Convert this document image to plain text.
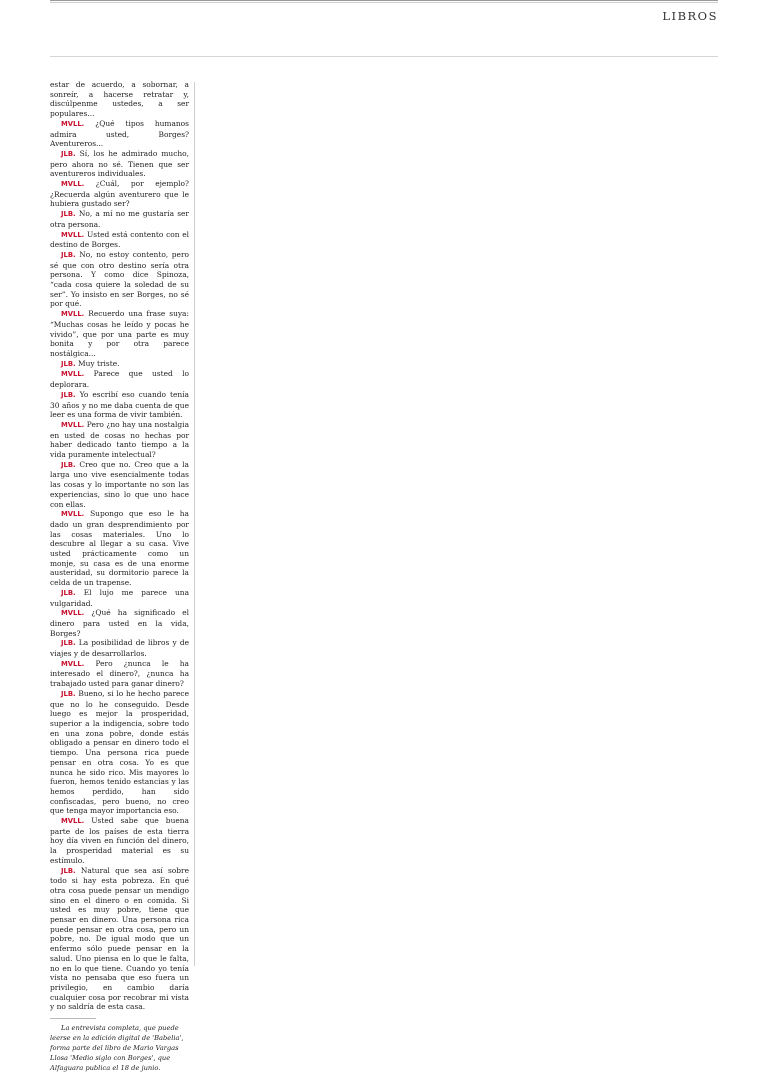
LIBROS

estar de acuerdo, a sobornar, a sonreír, a hacerse retratar y, discúlpenme ustedes, a ser populares...

MVLL. ¿Qué tipos humanos admira usted, Borges? Aventureros...

JLB. Sí, los he admirado mucho, pero ahora no sé. Tienen que ser aventureros individuales.

MVLL. ¿Cuál, por ejemplo? ¿Recuerda algún aventurero que le hubiera gustado ser?

JLB. No, a mí no me gustaría ser otra persona.

MVLL. Usted está contento con el destino de Borges.

JLB. No, no estoy contento, pero sé que con otro destino sería otra persona. Y como dice Spinoza, “cada cosa quiere la soledad de su ser”. Yo insisto en ser Borges, no sé por qué.

MVLL. Recuerdo una frase suya: “Muchas cosas he leído y pocas he vivido”, que por una parte es muy bonita y por otra parece nostálgica...

JLB. Muy triste.

MVLL. Parece que usted lo deplorara.

JLB. Yo escribí eso cuando tenía 30 años y no me daba cuenta de que leer es una forma de vivir también.

MVLL. Pero ¿no hay una nostalgia en usted de cosas no hechas por haber dedicado tanto tiempo a la vida puramente intelectual?

JLB. Creo que no. Creo que a la larga uno vive esencialmente todas las cosas y lo importante no son las experiencias, sino lo que uno hace con ellas.

MVLL. Supongo que eso le ha dado un gran desprendimiento por las cosas materiales. Uno lo descubre al llegar a su casa. Vive usted prácticamente como un monje, su casa es de una enorme austeridad, su dormitorio parece la celda de un trapense.

JLB. El lujo me parece una vulgaridad.

MVLL. ¿Qué ha significado el dinero para usted en la vida, Borges?

JLB. La posibilidad de libros y de viajes y de desarrollarlos.

MVLL. Pero ¿nunca le ha interesado el dinero?, ¿nunca ha trabajado usted para ganar dinero?

JLB. Bueno, si lo he hecho parece que no lo he conseguido. Desde luego es mejor la prosperidad, superior a la indigencia, sobre todo en una zona pobre, donde estás obligado a pensar en dinero todo el tiempo. Una persona rica puede pensar en otra cosa. Yo es que nunca he sido rico. Mis mayores lo fueron, hemos tenido estancias y las hemos perdido, han sido confiscadas, pero bueno, no creo que tenga mayor importancia eso.

MVLL. Usted sabe que buena parte de los países de esta tierra hoy día viven en función del dinero, la prosperidad material es su estímulo.

JLB. Natural que sea así sobre todo si hay esta pobreza. En qué otra cosa puede pensar un mendigo sino en el dinero o en comida. Si usted es muy pobre, tiene que pensar en dinero. Una persona rica puede pensar en otra cosa, pero un pobre, no. De igual modo que un enfermo sólo puede pensar en la salud. Uno piensa en lo que le falta, no en lo que tiene. Cuando yo tenía vista no pensaba que eso fuera un privilegio, en cambio daría cualquier cosa por recobrar mi vista y no saldría de esta casa.

La entrevista completa, que puede leerse en la edición digital de 'Babelia', forma parte del libro de Mario Vargas Llosa 'Medio siglo con Borges', que Alfaguara publica el 18 de junio.
